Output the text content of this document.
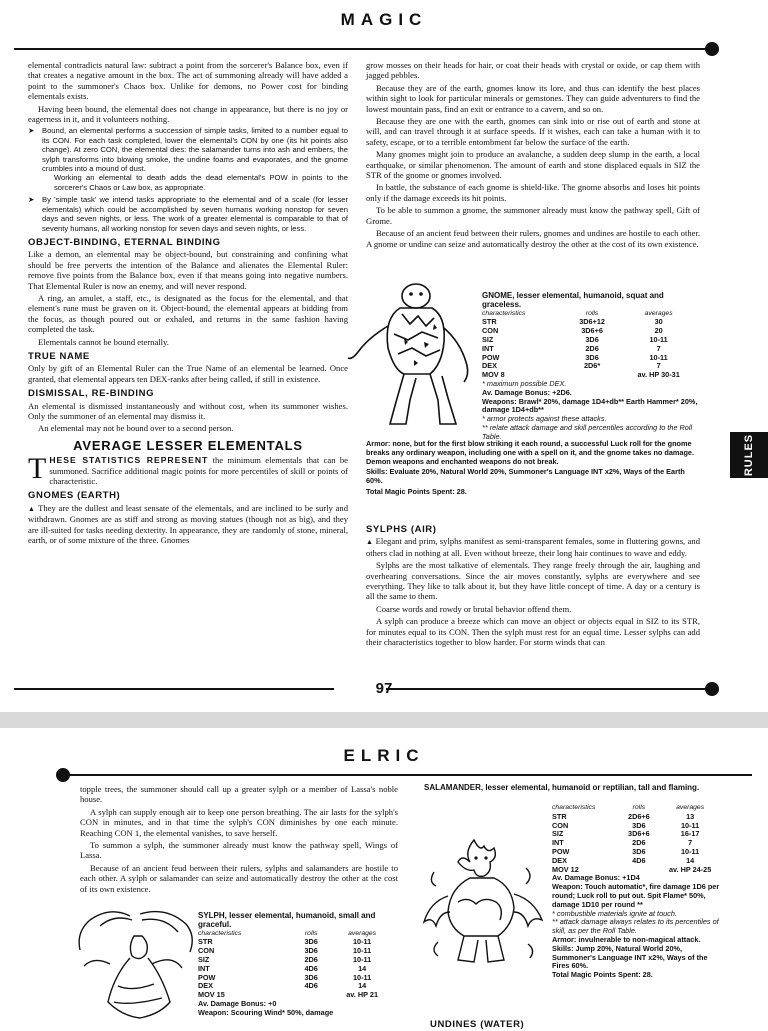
MAGIC

elemental contradicts natural law: subtract a point from the sorcerer's Balance box, even if that creates a negative amount in the box. The act of summoning already will have added a point to the summoner's Chaos box. Unlike for demons, no Power cost for binding elementals exists.

Having been bound, the elemental does not change in appearance, but there is no joy or eagerness in it, and it volunteers nothing.

➤ Bound, an elemental performs a succession of simple tasks, limited to a number equal to its CON. For each task completed, lower the elemental's CON by one (its hit points also change). At zero CON, the elemental dies: the salamander turns into ash and embers, the sylph transforms into blowing smoke, the undine foams and evaporates, and the gnome crumbles into a mound of dust.
Working an elemental to death adds the dead elemental's POW in points to the sorcerer's Chaos or Law box, as appropriate.
➤ By 'simple task' we intend tasks appropriate to the elemental and of a scale (for lesser elementals) which could be accomplished by seven humans working nonstop for seven days and seven nights, or less. The work of a greater elemental is comparable to that of seventy humans, all working nonstop for seven days and seven nights, or less.
OBJECT-BINDING, ETERNAL BINDING

Like a demon, an elemental may be object-bound, but constraining and confining what should be free perverts the intention of the Balance and alienates the Elemental Ruler: remove five points from the Balance box, even if that means going into negative numbers. That Elemental Ruler is now an enemy, and will never respond.

A ring, an amulet, a staff, etc., is designated as the focus for the elemental, and that element's rune must be graven on it. Object-bound, the elemental appears at bidding from the focus, as though poured out or exhaled, and returns in the same fashion having completed the task.

Elementals cannot be bound eternally.

TRUE NAME

Only by gift of an Elemental Ruler can the True Name of an elemental be learned. Once granted, that elemental appears ten DEX-ranks after being called, if still in existence.

DISMISSAL, RE-BINDING

An elemental is dismissed instantaneously and without cost, when its summoner wishes. Only the summoner of an elemental may dismiss it.

An elemental may not be bound over to a second person.

AVERAGE LESSER ELEMENTALS

THESE STATISTICS REPRESENT the minimum elementals that can be summoned. Sacrifice additional magic points for more percentiles of skill or points of characteristic.

GNOMES (EARTH)

▲ They are the dullest and least sensate of the elementals, and are inclined to be surly and withdrawn. Gnomes are as stiff and strong as moving statues (though not as big), and they are ill-suited for tasks needing dexterity. In appearance, they are randomly of stone, mineral, earth, or of some mixture of the three. Gnomes

grow mosses on their heads for hair, or coat their heads with crystal or oxide, or cap them with jagged pebbles.

Because they are of the earth, gnomes know its lore, and thus can identify the best places within sight to look for particular minerals or gemstones. They can guide adventurers to find the lowest mountain pass, find an exit or entrance to a cavern, and so on.

Because they are one with the earth, gnomes can sink into or rise out of earth and stone at will, and can travel through it at surface speeds. If it wishes, each can take a human with it to safety, escape, or to a terrible entombment far below the surface of the earth.

Many gnomes might join to produce an avalanche, a sudden deep slump in the earth, a local earthquake, or similar phenomenon. The amount of earth and stone displaced equals in SIZ the STR of the gnome or gnomes involved.

In battle, the substance of each gnome is shield-like. The gnome absorbs and loses hit points only if the damage exceeds its hit points.

To be able to summon a gnome, the summoner already must know the pathway spell, Gift of Grome.

Because of an ancient feud between their rulers, gnomes and undines are hostile to each other. A gnome or undine can seize and automatically destroy the other at the cost of its own existence.

GNOME, lesser elemental, humanoid, squat and graceless.
characteristics	rolls	averages
STR	3D6+12	30
CON	3D6+6	20
SIZ	3D6	10-11
INT	2D6	7
POW	3D6	10-11
DEX	2D6*	7
MOV 8		av. HP 30-31
* maximum possible DEX.
Av. Damage Bonus: +2D6.
Weapons: Brawl* 20%, damage 1D4+db** Earth Hammer* 20%, damage 1D4+db**
* armor protects against these attacks.
** relate attack damage and skill percentiles according to the Roll Table.
Armor: none, but for the first blow striking it each round, a successful Luck roll for the gnome breaks any ordinary weapon, including one with a spell on it, and the gnome takes no damage. Demon weapons and enchanted weapons do not break.
Skills: Evaluate 20%, Natural World 20%, Summoner's Language INT x2%, Ways of the Earth 60%.
Total Magic Points Spent: 28.
SYLPHS (AIR)

▲ Elegant and prim, sylphs manifest as semi-transparent females, some in fluttering gowns, and others clad in nothing at all. Even without breeze, their long hair continues to wave and eddy.

Sylphs are the most talkative of elementals. They range freely through the air, laughing and overhearing conversations. Since the air moves constantly, sylphs are everywhere and see everything. They like to talk about it, but they have little concept of time. A day or a century is all the same to them.

Coarse words and rowdy or brutal behavior offend them.

A sylph can produce a breeze which can move an object or objects equal in SIZ to its STR, for minutes equal to its CON. Then the sylph must rest for an equal time. Lesser sylphs can add their characteristics together to blow harder. For storm winds that can

RULES
97
ELRIC

topple trees, the summoner should call up a greater sylph or a member of Lassa's noble house.

A sylph can supply enough air to keep one person breathing. The air lasts for the sylph's CON in minutes, and in that time the sylph's CON diminishes by one each minute. Reaching CON 1, the elemental vanishes, to save herself.

To summon a sylph, the summoner already must know the pathway spell, Wings of Lassa.

Because of an ancient feud between their rulers, sylphs and salamanders are hostile to each other. A sylph or salamander can seize and automatically destroy the other at the cost of its own existence.

SYLPH, lesser elemental, humanoid, small and graceful.
characteristics	rolls	averages
STR	3D6	10-11
CON	3D6	10-11
SIZ	2D6	10-11
INT	4D6	14
POW	3D6	10-11
DEX	4D6	14
MOV 15		av. HP 21
Av. Damage Bonus: +0
Weapon: Scouring Wind* 50%, damage
SALAMANDER, lesser elemental, humanoid or reptilian, tall and flaming.
characteristics	rolls	averages
STR	2D6+6	13
CON	3D6	10-11
SIZ	3D6+6	16-17
INT	2D6	7
POW	3D6	10-11
DEX	4D6	14
MOV 12		av. HP 24-25
Av. Damage Bonus: +1D4
Weapon: Touch automatic*, fire damage 1D6 per round; Luck roll to put out. Spit Flame* 50%, damage 1D10 per round **
* combustible materials ignite at touch.
** attack damage always relates to its percentiles of skill, as per the Roll Table.
Armor: invulnerable to non-magical attack.
Skills: Jump 20%, Natural World 20%, Summoner's Language INT x2%, Ways of the Fires 60%.
Total Magic Points Spent: 28.
UNDINES (WATER)
